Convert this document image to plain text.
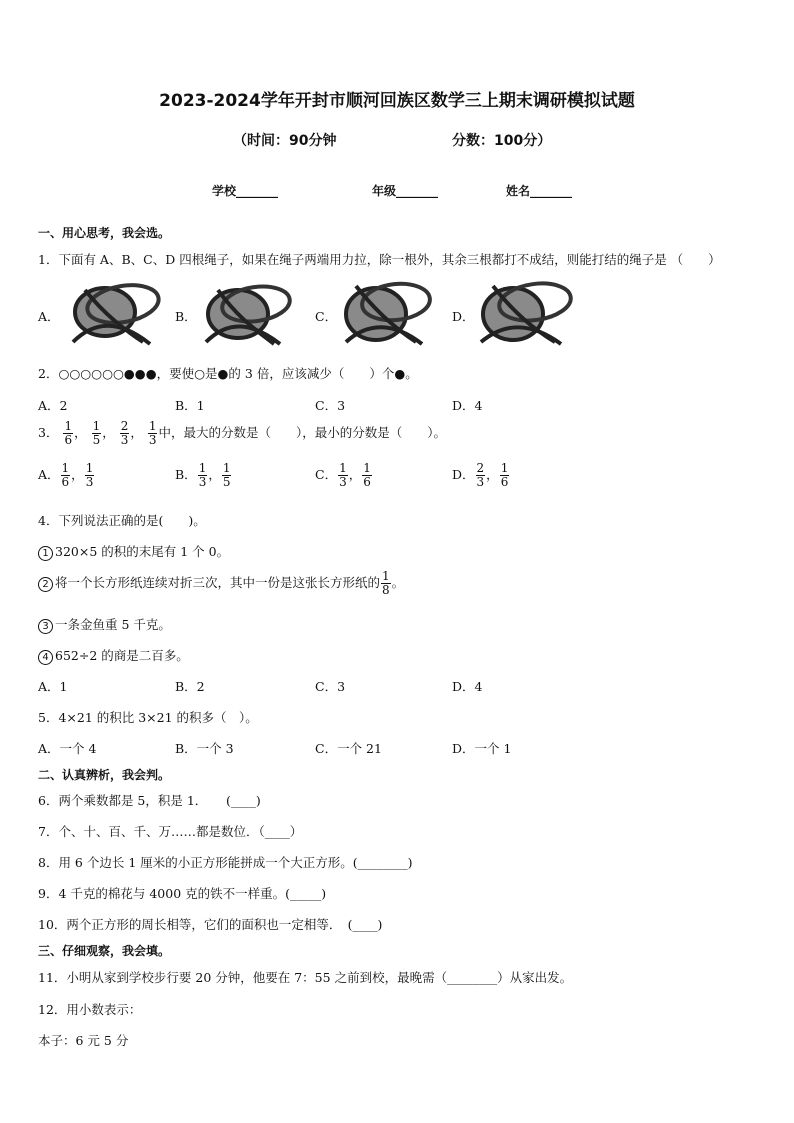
2023-2024学年开封市顺河回族区数学三上期末调研模拟试题
（时间：90分钟	分数：100分）
学校_______	年级_______	姓名_______
一、用心思考，我会选。
1．下面有 A、B、C、D 四根绳子，如果在绳子两端用力拉，除一根外，其余三根都打不成结，则能打结的绳子是 （　　）
A．	B．	C．	D．
2．○○○○○○●●●，要使○是●的 3 倍，应该减少（　　）个●。
A．2	B．1	C．3	D．4
3． $\frac{1}{6}$ ， $\frac{1}{5}$ ， $\frac{2}{3}$ ， $\frac{1}{3}$ 中，最大的分数是（　　），最小的分数是（　　）。
A． $\frac{1}{6}$ ， $\frac{1}{3}$	B． $\frac{1}{3}$ ， $\frac{1}{5}$	C． $\frac{1}{3}$ ， $\frac{1}{6}$	D． $\frac{2}{3}$ ， $\frac{1}{6}$
4．下列说法正确的是(　　)。
1 320×5 的积的末尾有 1 个 0。
2 将一个长方形纸连续对折三次，其中一份是这张长方形纸的 $\frac{1}{8}$ 。
3 一条金鱼重 5 千克。
4 652÷2 的商是二百多。
A．1	B．2	C．3	D．4
5．4×21 的积比 3×21 的积多（　）。
A．一个 4	B．一个 3	C．一个 21	D．一个 1
二、认真辨析，我会判。
6．两个乘数都是 5，积是 1．　　(____)
7．个、十、百、千、万……都是数位．（____）
8．用 6 个边长 1 厘米的小正方形能拼成一个大正方形。(________)
9．4 千克的棉花与 4000 克的铁不一样重。(_____)
10．两个正方形的周长相等，它们的面积也一定相等．　(____)
三、仔细观察，我会填。
11．小明从家到学校步行要 20 分钟，他要在 7：55 之前到校，最晚需（________）从家出发。
12．用小数表示：
本子：6 元 5 分
